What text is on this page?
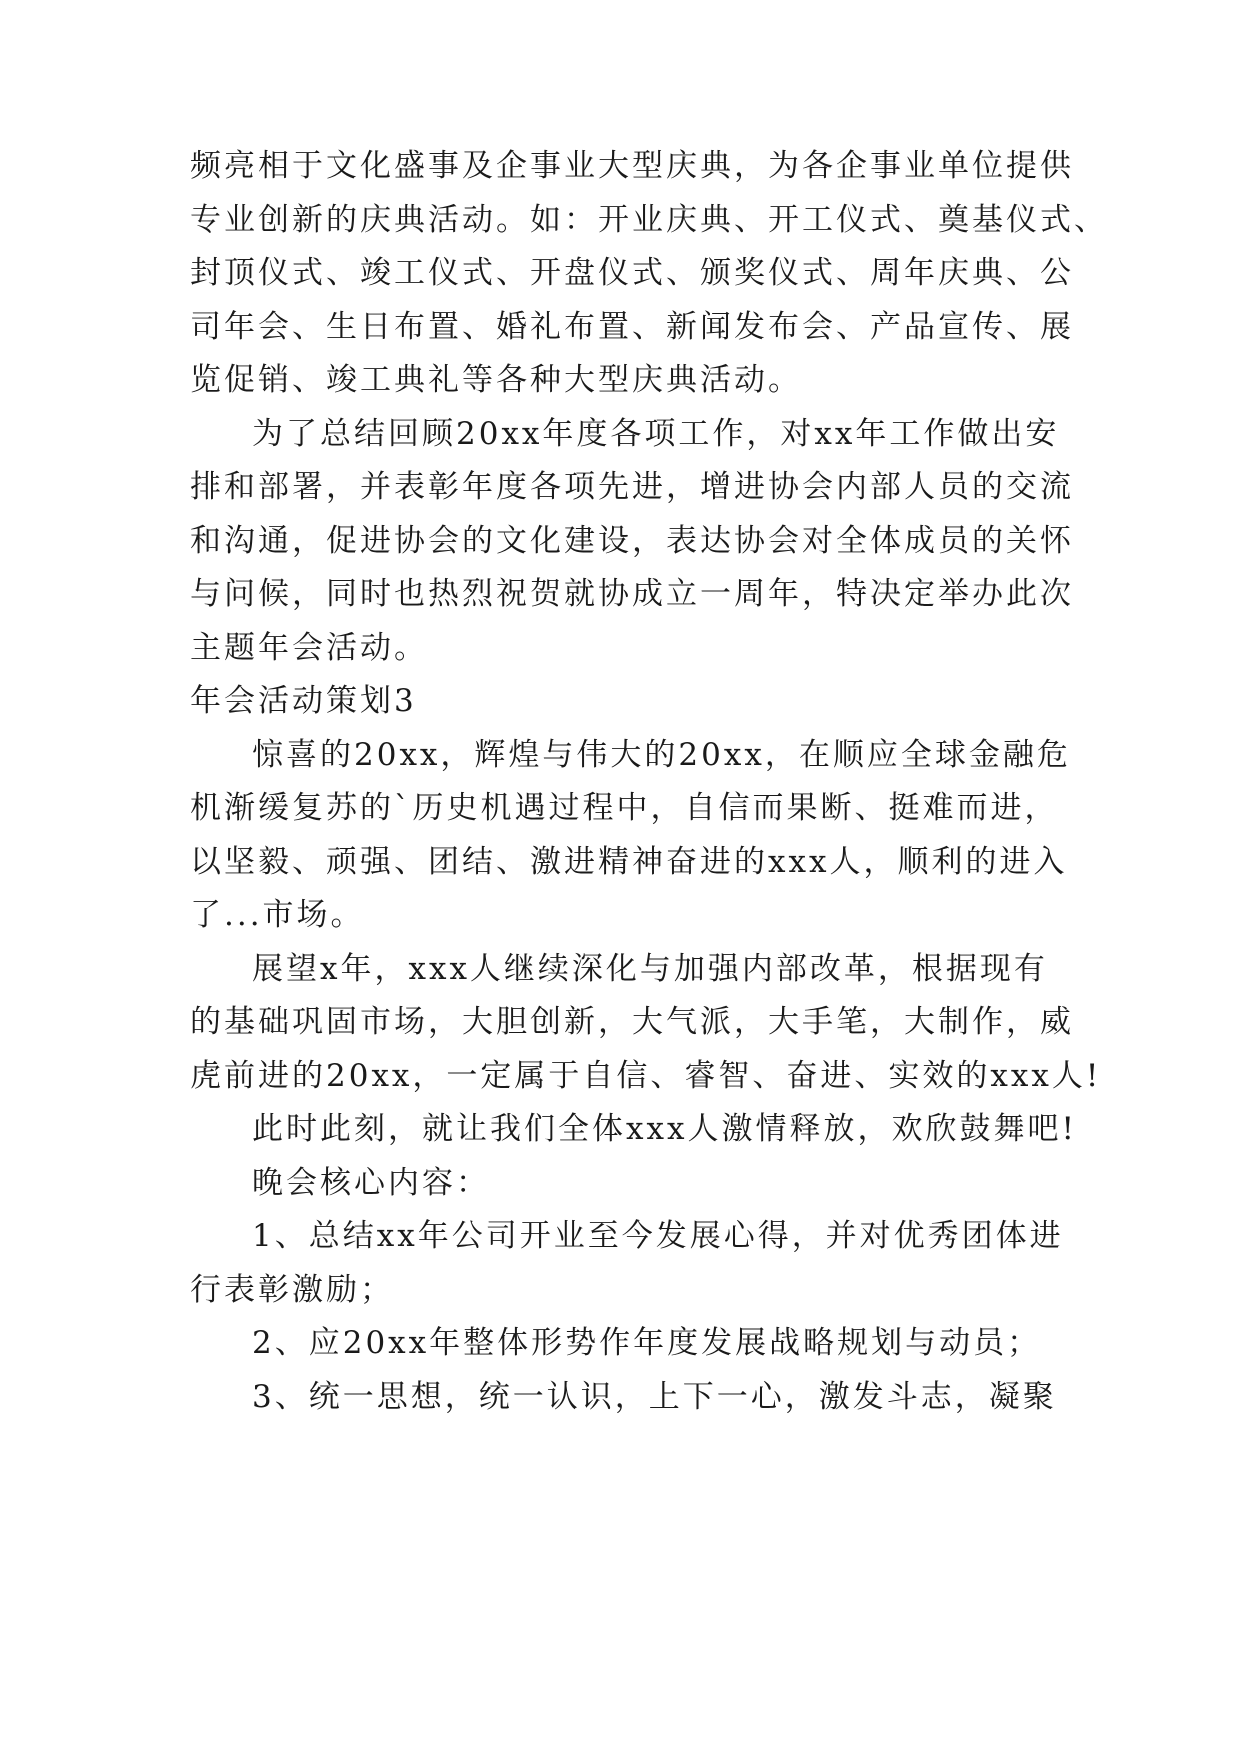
频亮相于文化盛事及企事业大型庆典，为各企事业单位提供
专业创新的庆典活动。如：开业庆典、开工仪式、奠基仪式、
封顶仪式、竣工仪式、开盘仪式、颁奖仪式、周年庆典、公
司年会、生日布置、婚礼布置、新闻发布会、产品宣传、展
览促销、竣工典礼等各种大型庆典活动。
为了总结回顾20xx年度各项工作，对xx年工作做出安
排和部署，并表彰年度各项先进，增进协会内部人员的交流
和沟通，促进协会的文化建设，表达协会对全体成员的关怀
与问候，同时也热烈祝贺就协成立一周年，特决定举办此次
主题年会活动。
年会活动策划3
惊喜的20xx，辉煌与伟大的20xx，在顺应全球金融危
机渐缓复苏的`历史机遇过程中，自信而果断、挺难而进，
以坚毅、顽强、团结、激进精神奋进的xxx人，顺利的进入
了...市场。
展望x年，xxx人继续深化与加强内部改革，根据现有
的基础巩固市场，大胆创新，大气派，大手笔，大制作，威
虎前进的20xx，一定属于自信、睿智、奋进、实效的xxx人!
此时此刻，就让我们全体xxx人激情释放，欢欣鼓舞吧!
晚会核心内容：
1、总结xx年公司开业至今发展心得，并对优秀团体进
行表彰激励；
2、应20xx年整体形势作年度发展战略规划与动员；
3、统一思想，统一认识，上下一心，激发斗志，凝聚
